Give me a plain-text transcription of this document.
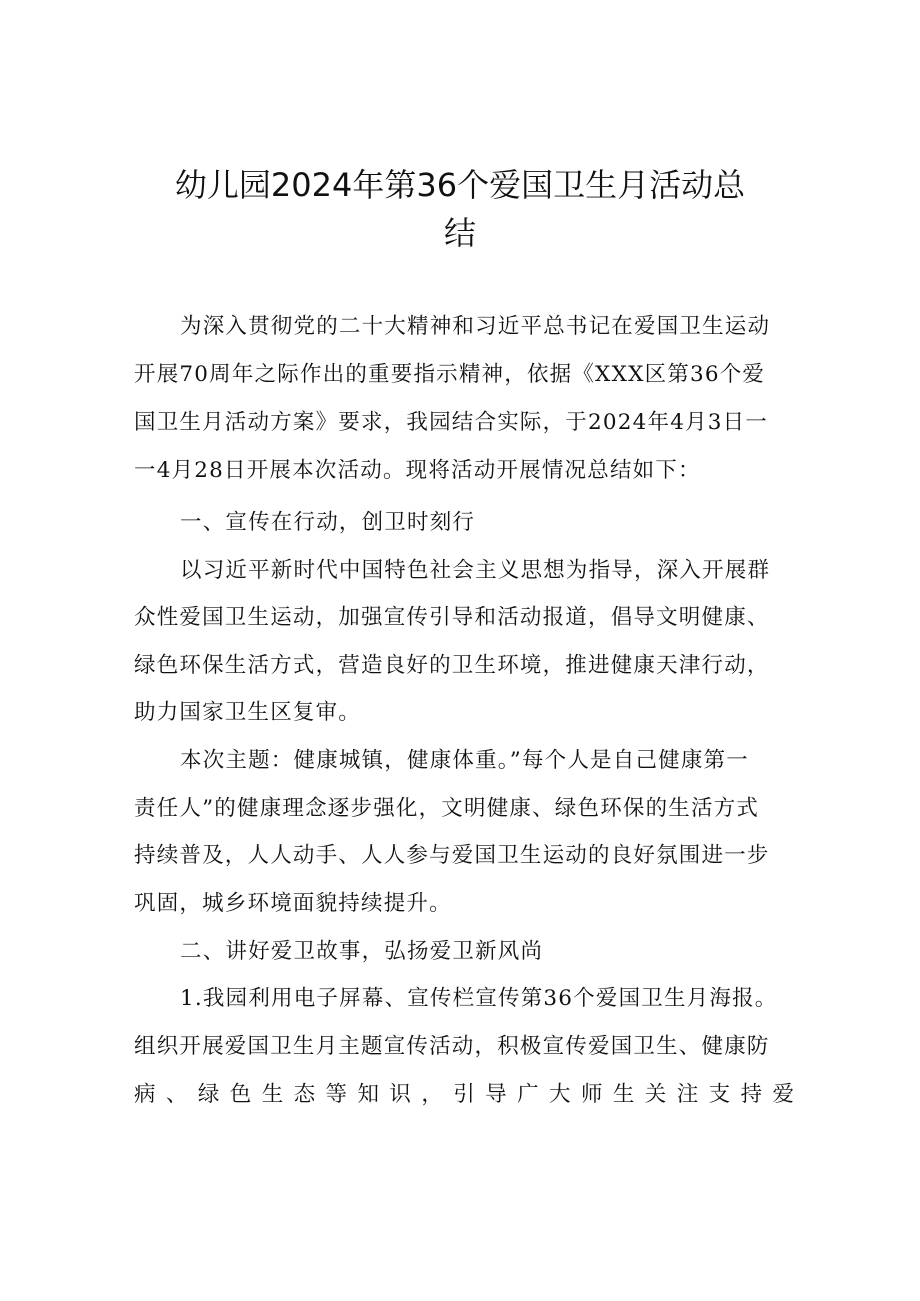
幼儿园2024年第36个爱国卫生月活动总
结
为深入贯彻党的二十大精神和习近平总书记在爱国卫生运动
开展70周年之际作出的重要指示精神，依据《XXX区第36个爱
国卫生月活动方案》要求，我园结合实际，于2024年4月3日一
一4月28日开展本次活动。现将活动开展情况总结如下：
一、宣传在行动，创卫时刻行
以习近平新时代中国特色社会主义思想为指导，深入开展群
众性爱国卫生运动，加强宣传引导和活动报道，倡导文明健康、
绿色环保生活方式，营造良好的卫生环境，推进健康天津行动，
助力国家卫生区复审。
本次主题：健康城镇，健康体重。”每个人是自己健康第一
责任人”的健康理念逐步强化，文明健康、绿色环保的生活方式
持续普及，人人动手、人人参与爱国卫生运动的良好氛围进一步
巩固，城乡环境面貌持续提升。
二、讲好爱卫故事，弘扬爱卫新风尚
1.我园利用电子屏幕、宣传栏宣传第36个爱国卫生月海报。
组织开展爱国卫生月主题宣传活动，积极宣传爱国卫生、健康防
病 、 绿 色 生 态 等 知 识 ， 引 导 广 大 师 生 关 注 支 持 爱
